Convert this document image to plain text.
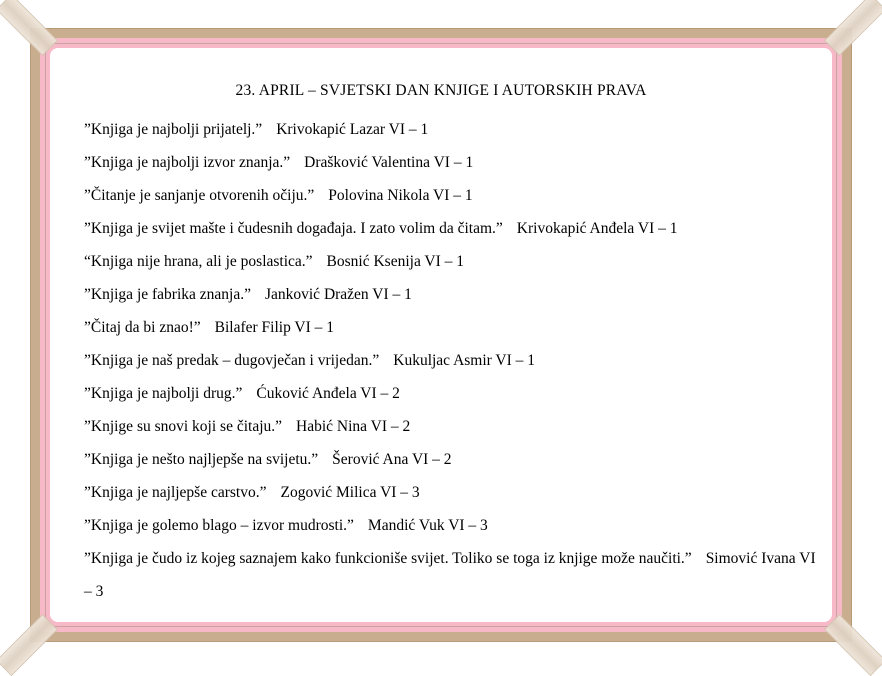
23. APRIL – SVJETSKI DAN KNJIGE I AUTORSKIH PRAVA
”Knjiga je najbolji prijatelj.” Krivokapić Lazar VI – 1
”Knjiga je najbolji izvor znanja.” Drašković Valentina VI – 1
”Čitanje je sanjanje otvorenih očiju.” Polovina Nikola VI – 1
”Knjiga je svijet mašte i čudesnih događaja. I zato volim da čitam.” Krivokapić Anđela VI – 1
“Knjiga nije hrana, ali je poslastica.” Bosnić Ksenija VI – 1
”Knjiga je fabrika znanja.” Janković Dražen VI – 1
”Čitaj da bi znao!” Bilafer Filip VI – 1
”Knjiga je naš predak – dugovječan i vrijedan.” Kukuljac Asmir VI – 1
”Knjiga je najbolji drug.” Ćuković Anđela VI – 2
”Knjige su snovi koji se čitaju.” Habić Nina VI – 2
”Knjiga je nešto najljepše na svijetu.” Šerović Ana VI – 2
”Knjiga je najljepše carstvo.” Zogović Milica VI – 3
”Knjiga je golemo blago – izvor mudrosti.” Mandić Vuk VI – 3
”Knjiga je čudo iz kojeg saznajem kako funkcioniše svijet. Toliko se toga iz knjige može naučiti.” Simović Ivana VI – 3
